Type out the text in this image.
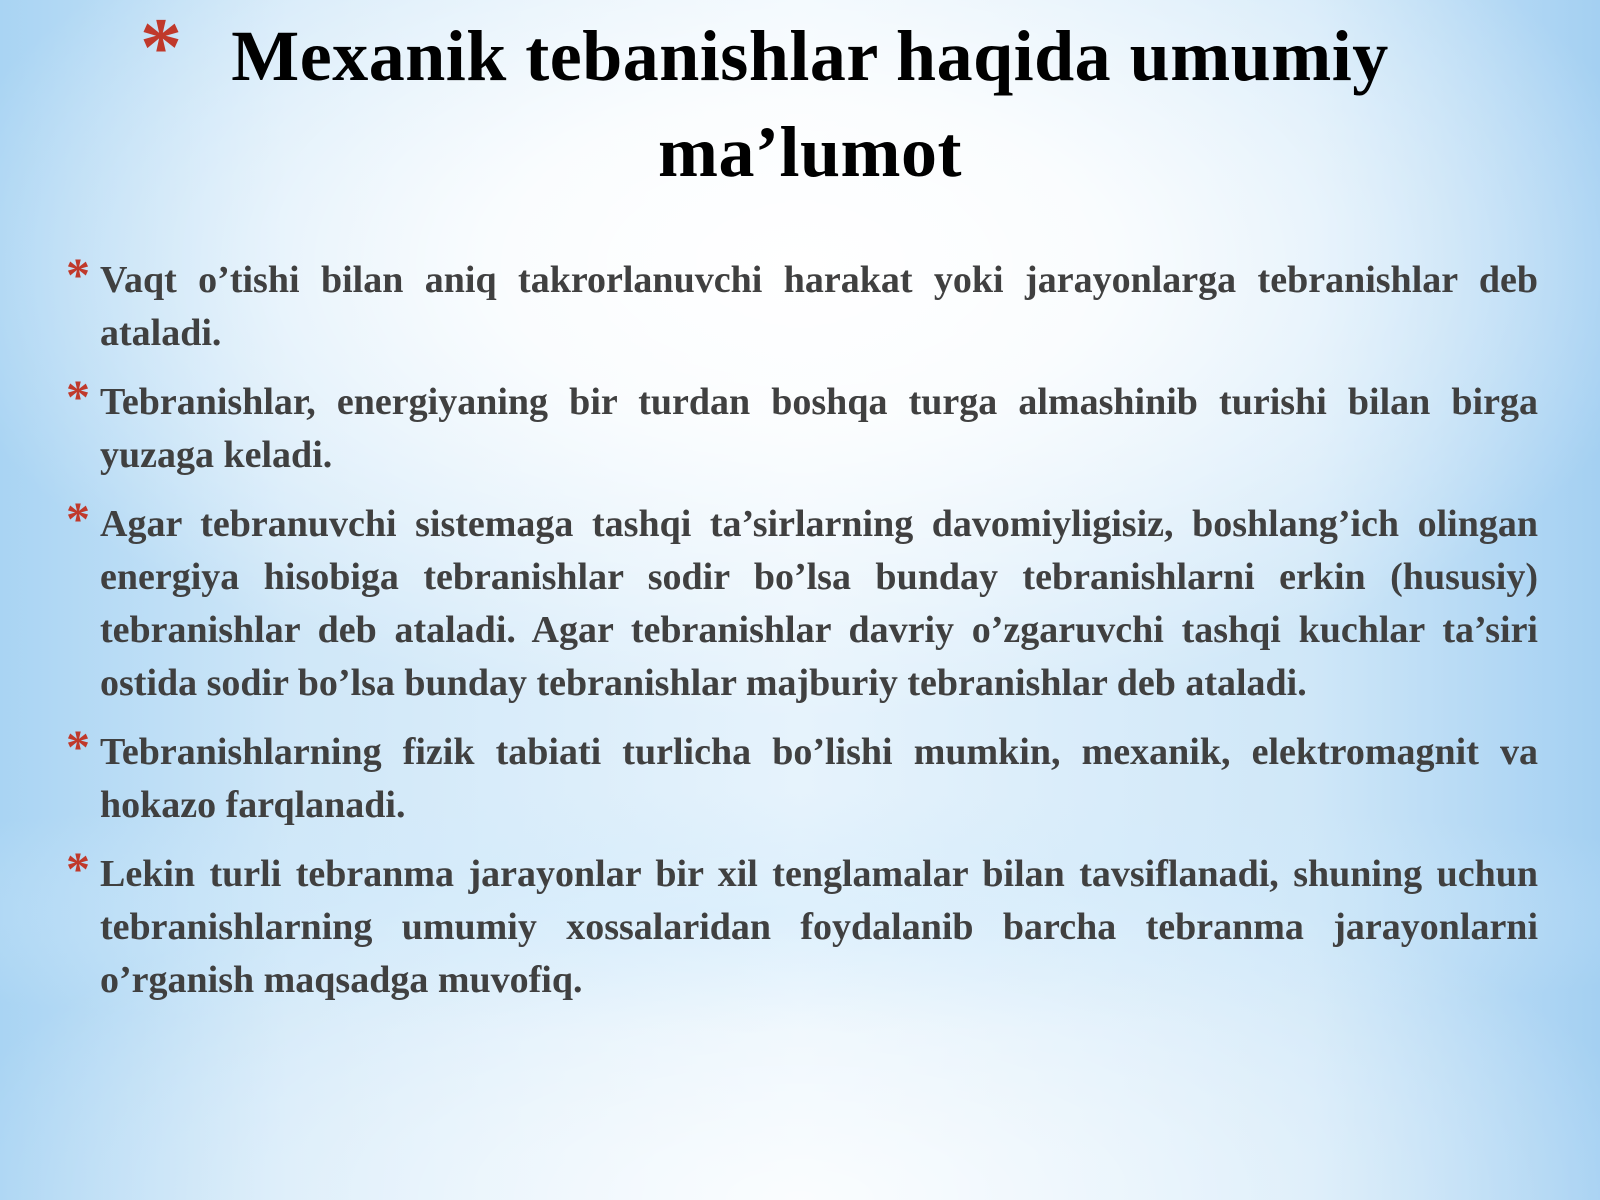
* Mexanik tebanishlar haqida umumiy ma’lumot
* Vaqt o’tishi bilan aniq takrorlanuvchi harakat yoki jarayonlarga tebranishlar deb ataladi.

* Tebranishlar, energiyaning bir turdan boshqa turga almashinib turishi bilan birga yuzaga keladi.

* Agar tebranuvchi sistemaga tashqi ta’sirlarning davomiyligisiz, boshlang’ich olingan energiya hisobiga tebranishlar sodir bo’lsa bunday tebranishlarni erkin (hususiy) tebranishlar deb ataladi. Agar tebranishlar davriy o’zgaruvchi tashqi kuchlar ta’siri ostida sodir bo’lsa bunday tebranishlar majburiy tebranishlar deb ataladi.

* Tebranishlarning fizik tabiati turlicha bo’lishi mumkin, mexanik, elektromagnit va hokazo farqlanadi.

* Lekin turli tebranma jarayonlar bir xil tenglamalar bilan tavsiflanadi, shuning uchun tebranishlarning umumiy xossalaridan foydalanib barcha tebranma jarayonlarni o’rganish maqsadga muvofiq.
